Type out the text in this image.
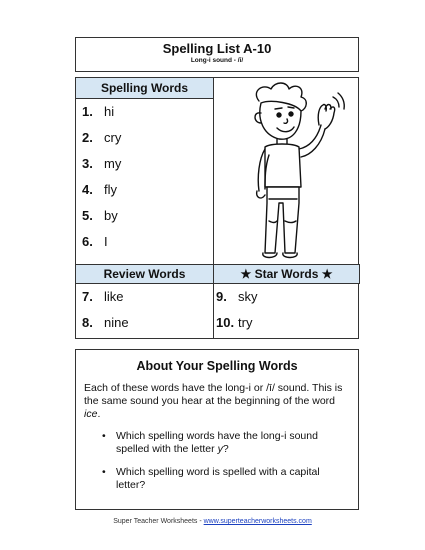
Spelling List A-10
Long-i sound - /ī/
Spelling Words
1. hi
2. cry
3. my
4. fly
5. by
6. I
Review Words	★ Star Words ★
7. like
8. nine
9. sky
10. try
About Your Spelling Words
Each of these words have the long-i or /ī/ sound. This is the same sound you hear at the beginning of the word ice.
• Which spelling words have the long-i sound spelled with the letter y?
• Which spelling word is spelled with a capital letter?
Super Teacher Worksheets - www.superteacherworksheets.com
